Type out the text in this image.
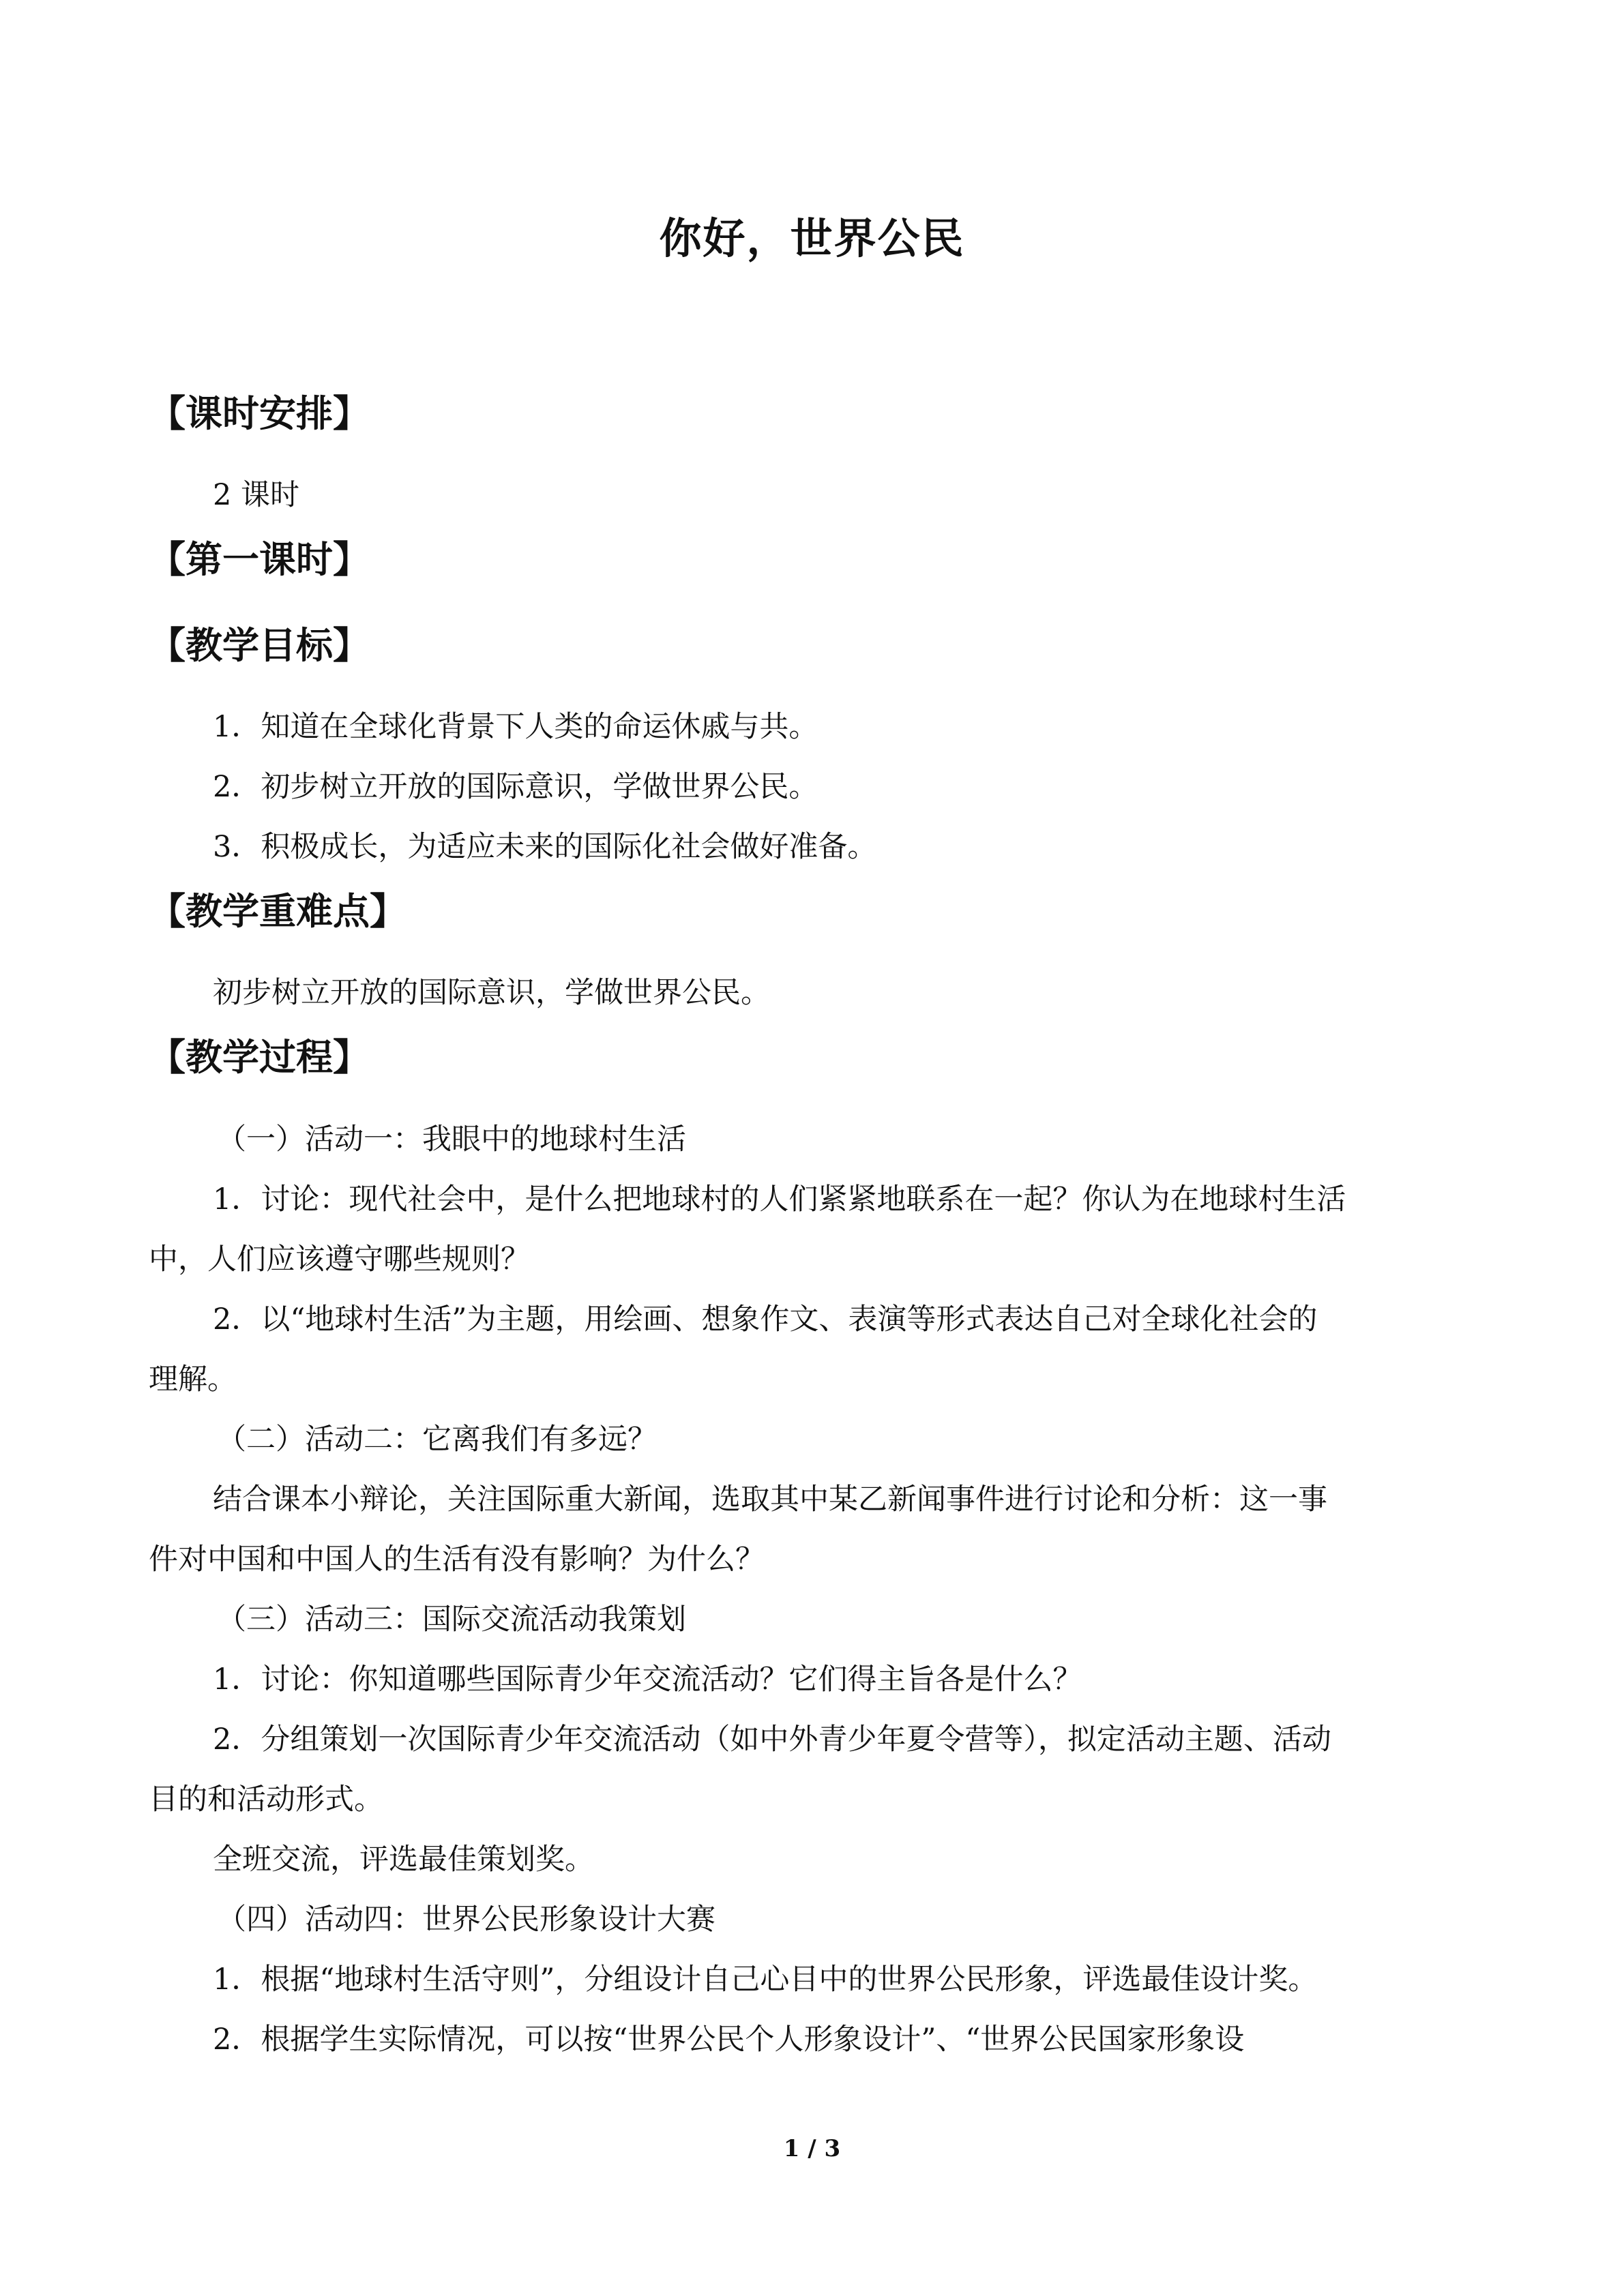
你好，世界公民
【课时安排】
2 课时
【第一课时】
【教学目标】
1．知道在全球化背景下人类的命运休戚与共。
2．初步树立开放的国际意识，学做世界公民。
3．积极成长，为适应未来的国际化社会做好准备。
【教学重难点】
初步树立开放的国际意识，学做世界公民。
【教学过程】
（一）活动一：我眼中的地球村生活
1．讨论：现代社会中，是什么把地球村的人们紧紧地联系在一起？你认为在地球村生活
中，人们应该遵守哪些规则？
2．以“地球村生活”为主题，用绘画、想象作文、表演等形式表达自己对全球化社会的
理解。
（二）活动二：它离我们有多远？
结合课本小辩论，关注国际重大新闻，选取其中某乙新闻事件进行讨论和分析：这一事
件对中国和中国人的生活有没有影响？为什么？
（三）活动三：国际交流活动我策划
1．讨论：你知道哪些国际青少年交流活动？它们得主旨各是什么？
2．分组策划一次国际青少年交流活动（如中外青少年夏令营等），拟定活动主题、活动
目的和活动形式。
全班交流，评选最佳策划奖。
（四）活动四：世界公民形象设计大赛
1．根据“地球村生活守则”，分组设计自己心目中的世界公民形象，评选最佳设计奖。
2．根据学生实际情况，可以按“世界公民个人形象设计”、“世界公民国家形象设
1 / 3
